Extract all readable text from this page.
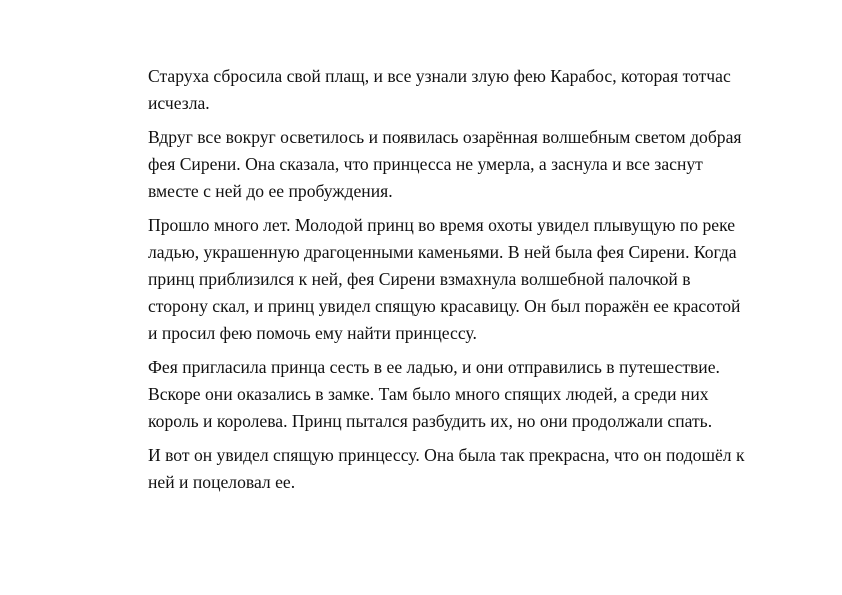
Старуха сбросила свой плащ, и все узнали злую фею Карабос, которая тотчас
исчезла.

Вдруг все вокруг осветилось и появилась озарённая волшебным светом добрая
фея Сирени. Она сказала, что принцесса не умерла, а заснула и все заснут
вместе с ней до ее пробуждения.

Прошло много лет. Молодой принц во время охоты увидел плывущую по реке
ладью, украшенную драгоценными каменьями. В ней была фея Сирени. Когда
принц приблизился к ней, фея Сирени взмахнула волшебной палочкой в
сторону скал, и принц увидел спящую красавицу. Он был поражён ее красотой
и просил фею помочь ему найти принцессу.

Фея пригласила принца сесть в ее ладью, и они отправились в путешествие.
Вскоре они оказались в замке. Там было много спящих людей, а среди них
король и королева. Принц пытался разбудить их, но они продолжали спать.

И вот он увидел спящую принцессу. Она была так прекрасна, что он подошёл к
ней и поцеловал ее.
